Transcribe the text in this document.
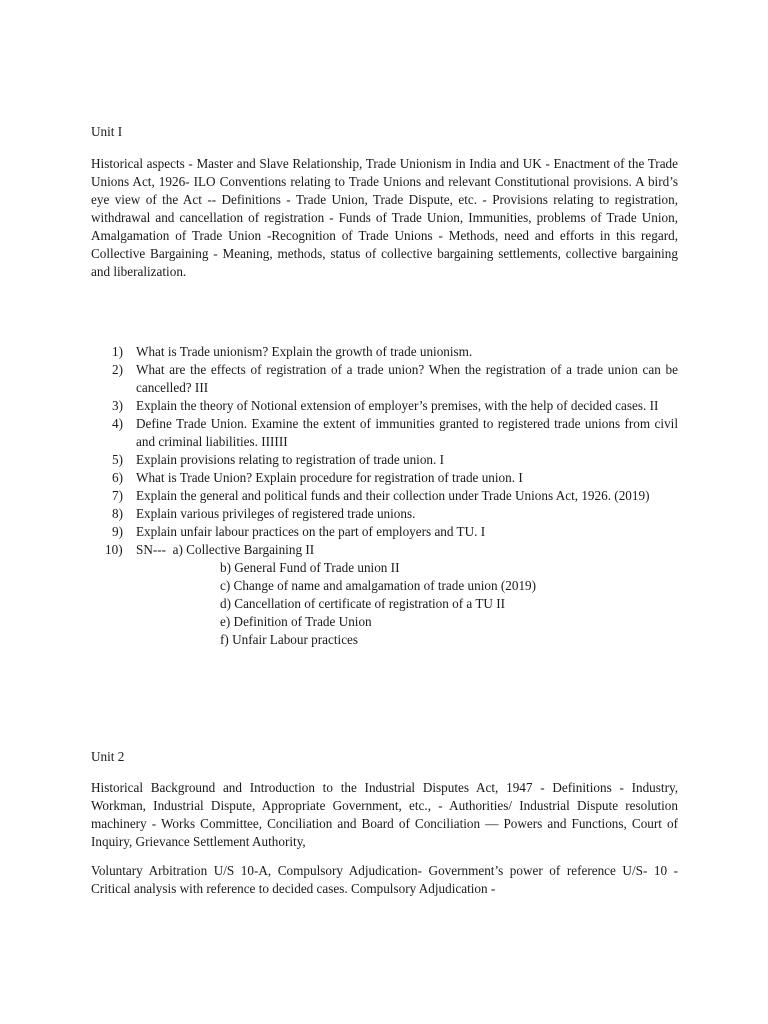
Unit I

Historical aspects - Master and Slave Relationship, Trade Unionism in India and UK - Enactment of the Trade Unions Act, 1926- ILO Conventions relating to Trade Unions and relevant Constitutional provisions. A bird’s eye view of the Act -- Definitions - Trade Union, Trade Dispute, etc. - Provisions relating to registration, withdrawal and cancellation of registration - Funds of Trade Union, Immunities, problems of Trade Union, Amalgamation of Trade Union -Recognition of Trade Unions - Methods, need and efforts in this regard, Collective Bargaining - Meaning, methods, status of collective bargaining settlements, collective bargaining and liberalization.

1) What is Trade unionism? Explain the growth of trade unionism.
2) What are the effects of registration of a trade union? When the registration of a trade union can be cancelled? III
3) Explain the theory of Notional extension of employer’s premises, with the help of decided cases. II
4) Define Trade Union. Examine the extent of immunities granted to registered trade unions from civil and criminal liabilities. IIIIII
5) Explain provisions relating to registration of trade union. I
6) What is Trade Union? Explain procedure for registration of trade union. I
7) Explain the general and political funds and their collection under Trade Unions Act, 1926. (2019)
8) Explain various privileges of registered trade unions.
9) Explain unfair labour practices on the part of employers and TU. I
10) SN--- a) Collective Bargaining II
b) General Fund of Trade union II
c) Change of name and amalgamation of trade union (2019)
d) Cancellation of certificate of registration of a TU II
e) Definition of Trade Union
f) Unfair Labour practices
Unit 2

Historical Background and Introduction to the Industrial Disputes Act, 1947 - Definitions - Industry, Workman, Industrial Dispute, Appropriate Government, etc., - Authorities/ Industrial Dispute resolution machinery - Works Committee, Conciliation and Board of Conciliation — Powers and Functions, Court of Inquiry, Grievance Settlement Authority,

Voluntary Arbitration U/S 10-A, Compulsory Adjudication- Government’s power of reference U/S- 10 - Critical analysis with reference to decided cases. Compulsory Adjudication -
